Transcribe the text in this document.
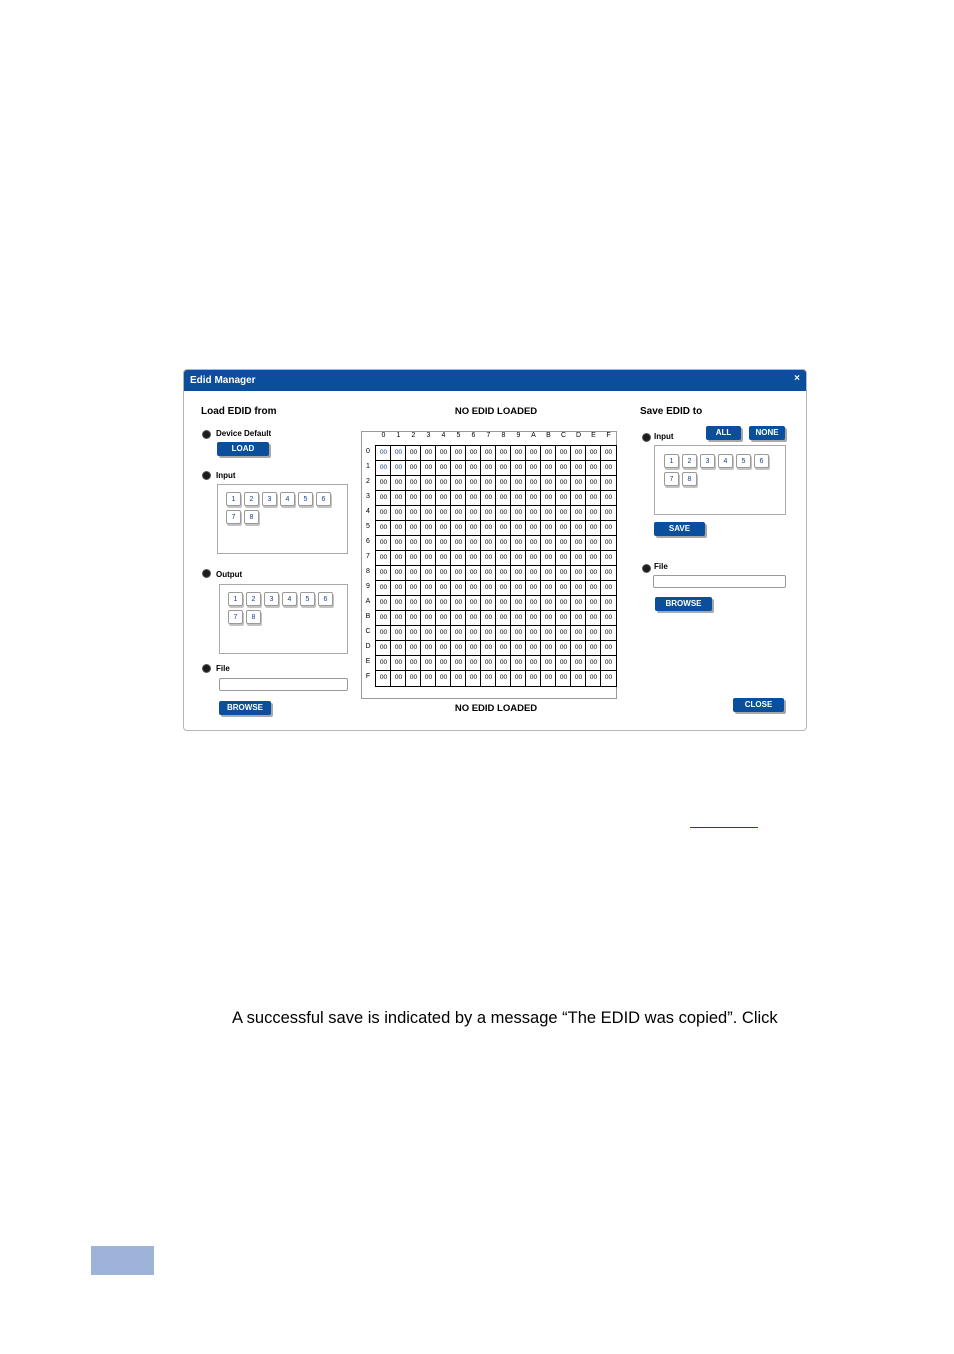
Edid Manager	×
Load EDID from
Device Default
LOAD
Input
1	2	3	4	5	6
7	8
Output
1	2	3	4	5	6
7	8
File
BROWSE
NO EDID LOADED
0	1	2	3	4	5	6	7	8	9	A	B	C	D	E	F
0	00	00	00	00	00	00	00	00	00	00	00	00	00	00	00	00
1	00	00	00	00	00	00	00	00	00	00	00	00	00	00	00	00
2	00	00	00	00	00	00	00	00	00	00	00	00	00	00	00	00
3	00	00	00	00	00	00	00	00	00	00	00	00	00	00	00	00
4	00	00	00	00	00	00	00	00	00	00	00	00	00	00	00	00
5	00	00	00	00	00	00	00	00	00	00	00	00	00	00	00	00
6	00	00	00	00	00	00	00	00	00	00	00	00	00	00	00	00
7	00	00	00	00	00	00	00	00	00	00	00	00	00	00	00	00
8	00	00	00	00	00	00	00	00	00	00	00	00	00	00	00	00
9	00	00	00	00	00	00	00	00	00	00	00	00	00	00	00	00
A	00	00	00	00	00	00	00	00	00	00	00	00	00	00	00	00
B	00	00	00	00	00	00	00	00	00	00	00	00	00	00	00	00
C	00	00	00	00	00	00	00	00	00	00	00	00	00	00	00	00
D	00	00	00	00	00	00	00	00	00	00	00	00	00	00	00	00
E	00	00	00	00	00	00	00	00	00	00	00	00	00	00	00	00
F	00	00	00	00	00	00	00	00	00	00	00	00	00	00	00	00
NO EDID LOADED
Save EDID to
Input	ALL	NONE
1	2	3	4	5	6
7	8
SAVE
File
BROWSE
CLOSE
A successful save is indicated by a message “The EDID was copied”. Click
